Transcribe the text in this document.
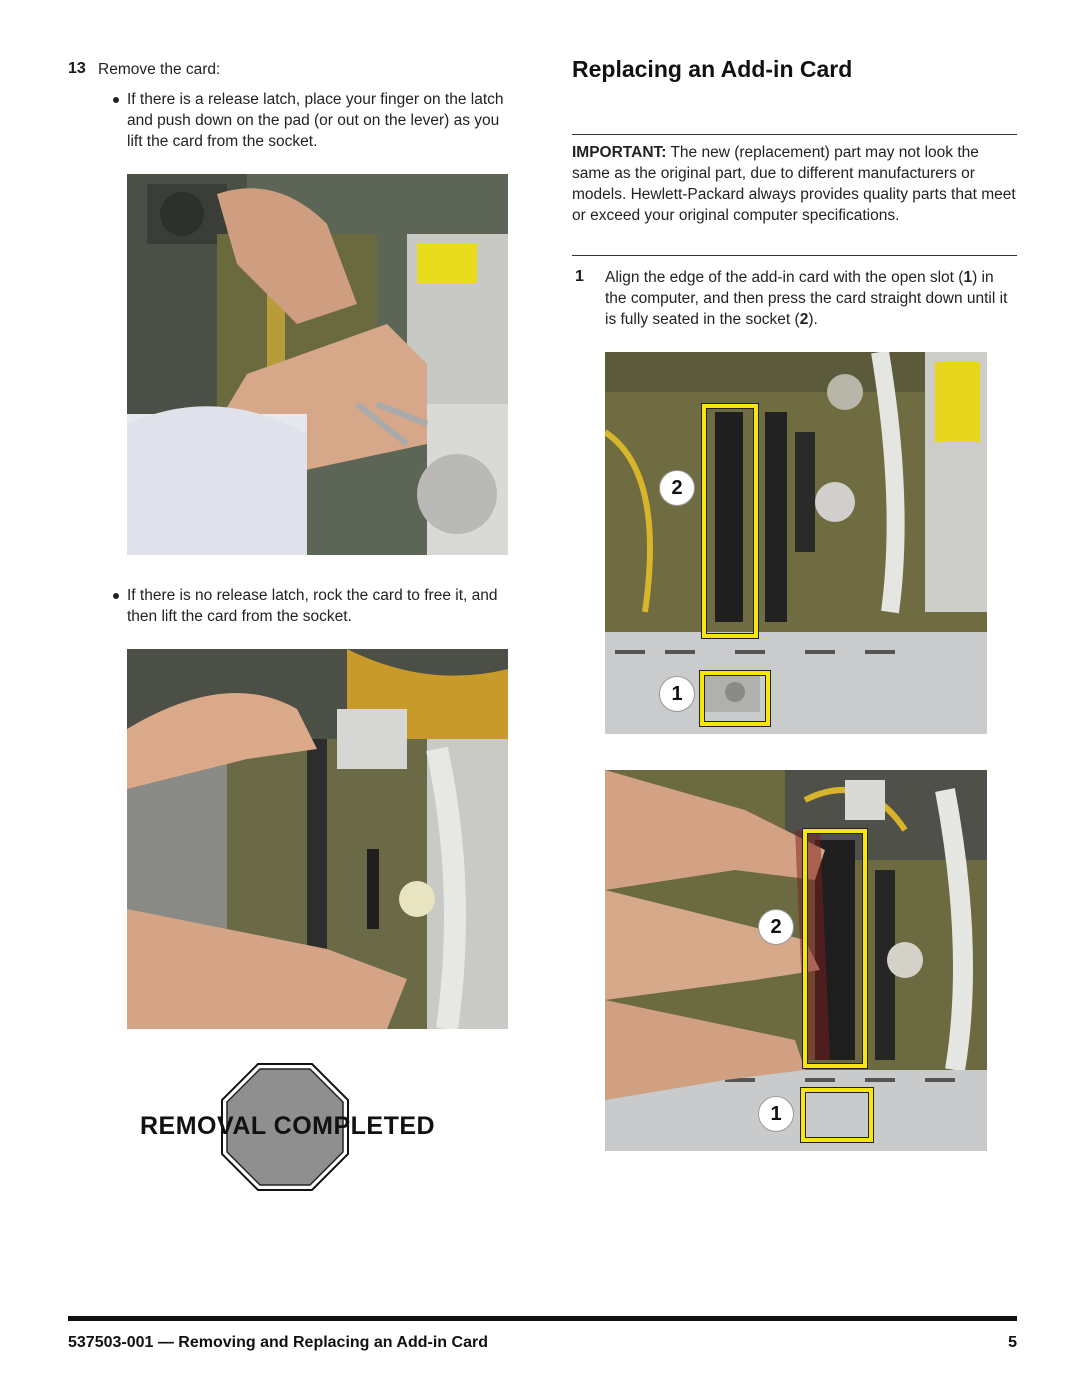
13 Remove the card:
If there is a release latch, place your finger on the latch and push down on the pad (or out on the lever) as you lift the card from the socket.
If there is no release latch, rock the card to free it, and then lift the card from the socket.
REMOVAL COMPLETED
Replacing an Add-in Card
IMPORTANT: The new (replacement) part may not look the same as the original part, due to different manufacturers or models. Hewlett-Packard always provides quality parts that meet or exceed your original computer specifications.
1 Align the edge of the add-in card with the open slot (1) in the computer, and then press the card straight down until it is fully seated in the socket (2).
2
1
2
1
537503-001 — Removing and Replacing an Add-in Card	5
